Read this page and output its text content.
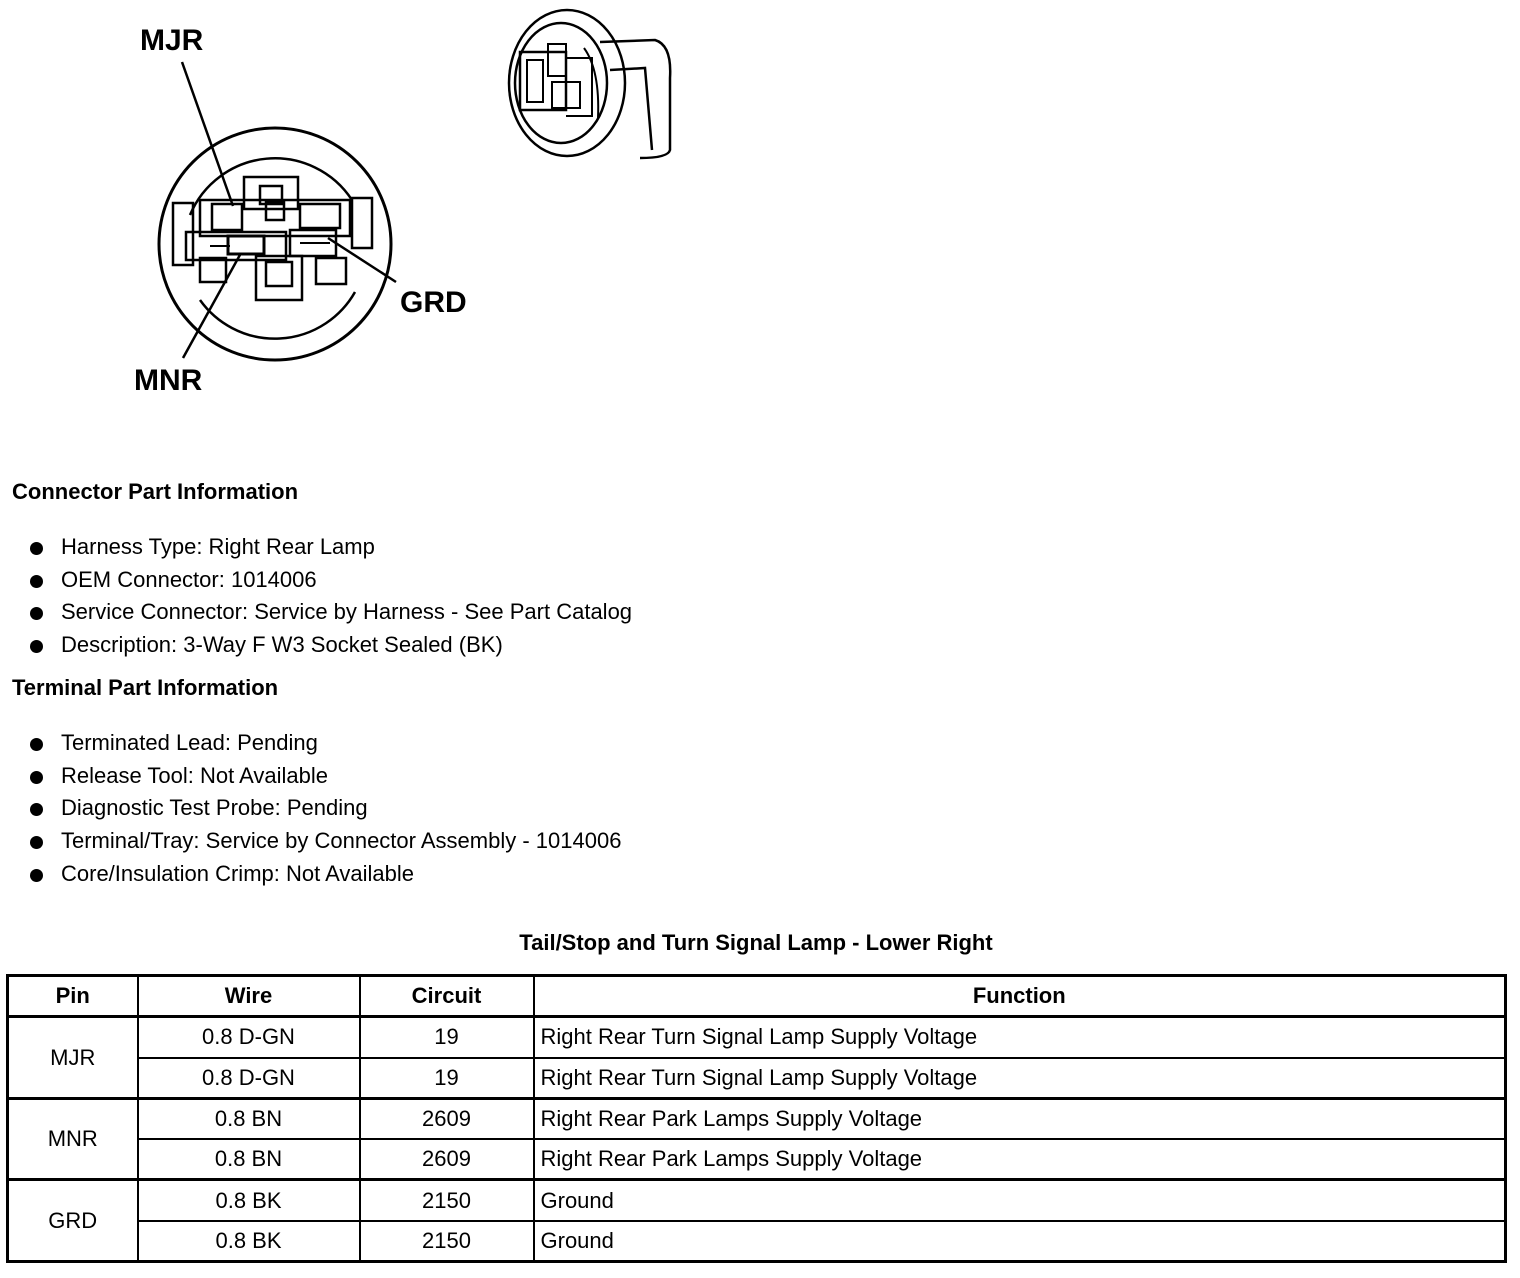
MJR
GRD
MNR
Connector Part Information
Harness Type: Right Rear Lamp
OEM Connector: 1014006
Service Connector: Service by Harness - See Part Catalog
Description: 3-Way F W3 Socket Sealed (BK)
Terminal Part Information
Terminated Lead: Pending
Release Tool: Not Available
Diagnostic Test Probe: Pending
Terminal/Tray: Service by Connector Assembly - 1014006
Core/Insulation Crimp: Not Available
Tail/Stop and Turn Signal Lamp - Lower Right
Pin	Wire	Circuit	Function
MJR	0.8 D-GN	19	Right Rear Turn Signal Lamp Supply Voltage
	0.8 D-GN	19	Right Rear Turn Signal Lamp Supply Voltage
MNR	0.8 BN	2609	Right Rear Park Lamps Supply Voltage
	0.8 BN	2609	Right Rear Park Lamps Supply Voltage
GRD	0.8 BK	2150	Ground
	0.8 BK	2150	Ground
